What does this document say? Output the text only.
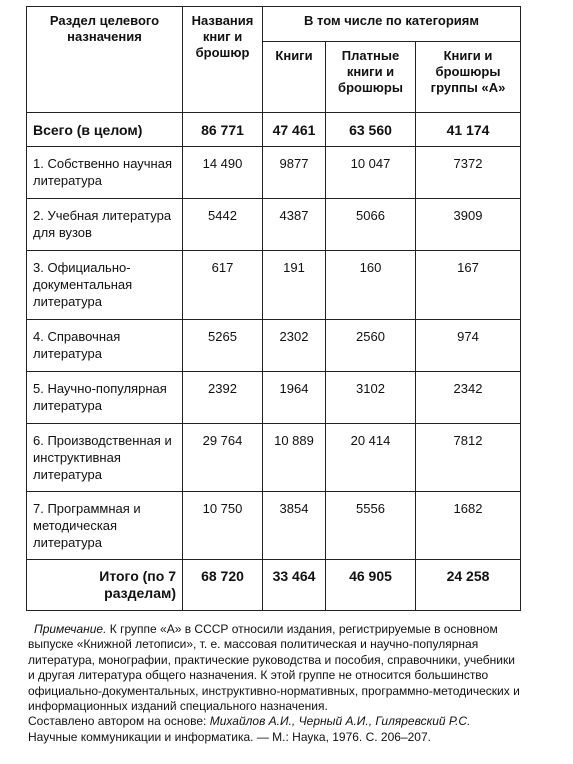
Раздел целевого назначения	Названия книг и брошюр	В том числе по категориям		
		Книги	Платные книги и брошюры	Книги и брошюры группы «А»
Всего (в целом)	86 771	47 461	63 560	41 174
1. Собственно научная литература	14 490	9877	10 047	7372
2. Учебная литература для вузов	5442	4387	5066	3909
3. Официально-документальная литература	617	191	160	167
4. Справочная литература	5265	2302	2560	974
5. Научно-популярная литература	2392	1964	3102	2342
6. Производственная и инструктивная литература	29 764	10 889	20 414	7812
7. Программная и методическая литература	10 750	3854	5556	1682
Итого (по 7 разделам)	68 720	33 464	46 905	24 258

Примечание. К группе «А» в СССР относили издания, регистрируемые в основном выпуске «Книжной летописи», т. е. массовая политическая и научно-популярная литература, монографии, практические руководства и пособия, справочники, учебники и другая литература общего назначения. К этой группе не относится большинство официально-документальных, инструктивно-нормативных, программно-методических и информационных изданий специального назначения.

Составлено автором на основе: Михайлов А.И., Черный А.И., Гиляревский Р.С. Научные коммуникации и информатика. — М.: Наука, 1976. С. 206–207.
